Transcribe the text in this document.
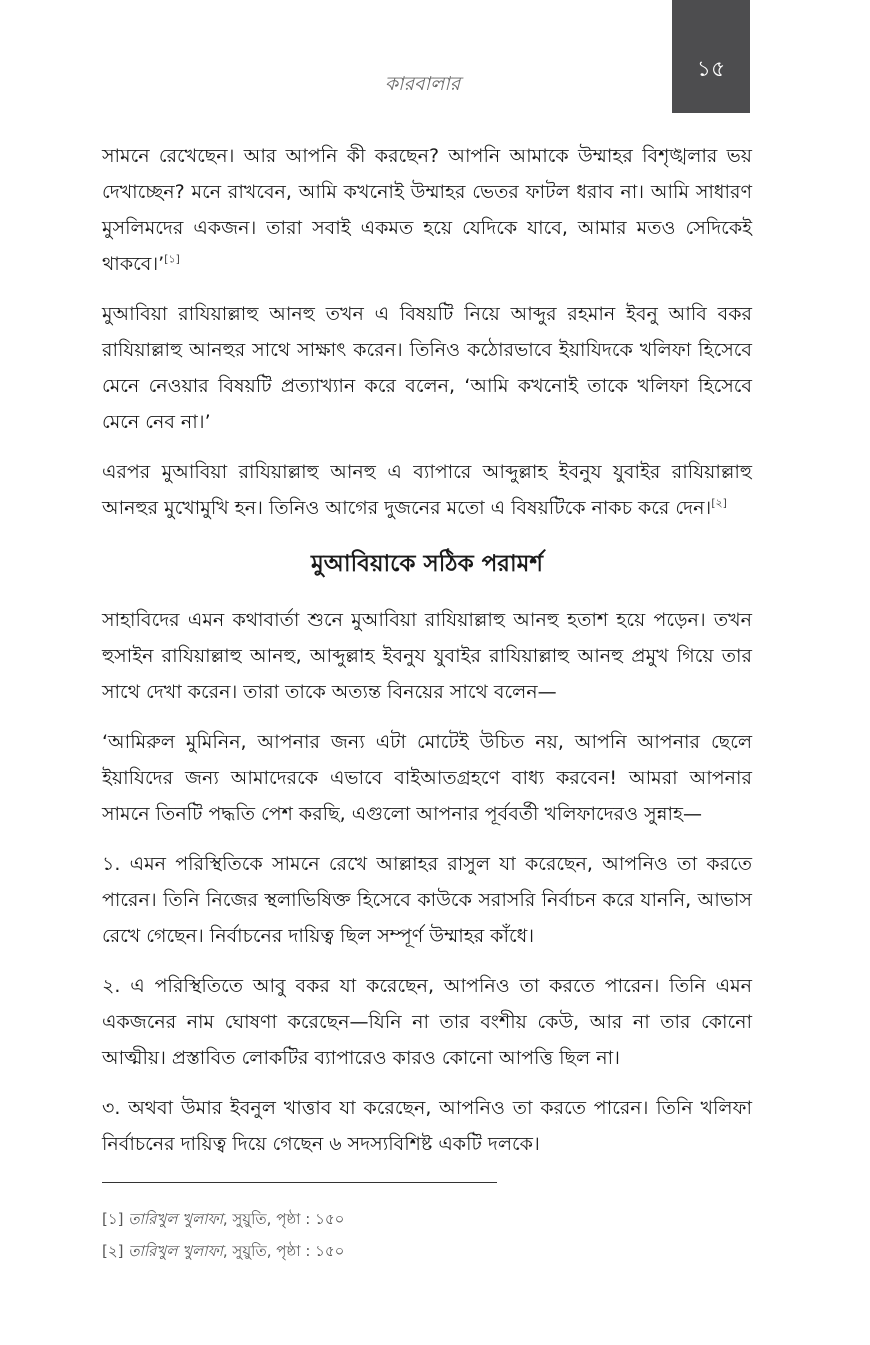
কারবালার
১৫

সামনে রেখেছেন। আর আপনি কী করছেন? আপনি আমাকে উম্মাহর বিশৃঙ্খলার ভয় দেখাচ্ছেন? মনে রাখবেন, আমি কখনোই উম্মাহর ভেতর ফাটল ধরাব না। আমি সাধারণ মুসলিমদের একজন। তারা সবাই একমত হয়ে যেদিকে যাবে, আমার মতও সেদিকেই থাকবে।’[১]

মুআবিয়া রাযিয়াল্লাহু আনহু তখন এ বিষয়টি নিয়ে আব্দুর রহমান ইবনু আবি বকর রাযিয়াল্লাহু আনহুর সাথে সাক্ষাৎ করেন। তিনিও কঠোরভাবে ইয়াযিদকে খলিফা হিসেবে মেনে নেওয়ার বিষয়টি প্রত্যাখ্যান করে বলেন, ‘আমি কখনোই তাকে খলিফা হিসেবে মেনে নেব না।’

এরপর মুআবিয়া রাযিয়াল্লাহু আনহু এ ব্যাপারে আব্দুল্লাহ ইবনুয যুবাইর রাযিয়াল্লাহু আনহুর মুখোমুখি হন। তিনিও আগের দুজনের মতো এ বিষয়টিকে নাকচ করে দেন।[২]

মুআবিয়াকে সঠিক পরামর্শ

সাহাবিদের এমন কথাবার্তা শুনে মুআবিয়া রাযিয়াল্লাহু আনহু হতাশ হয়ে পড়েন। তখন হুসাইন রাযিয়াল্লাহু আনহু, আব্দুল্লাহ ইবনুয যুবাইর রাযিয়াল্লাহু আনহু প্রমুখ গিয়ে তার সাথে দেখা করেন। তারা তাকে অত্যন্ত বিনয়ের সাথে বলেন—

‘আমিরুল মুমিনিন, আপনার জন্য এটা মোটেই উচিত নয়, আপনি আপনার ছেলে ইয়াযিদের জন্য আমাদেরকে এভাবে বাইআতগ্রহণে বাধ্য করবেন! আমরা আপনার সামনে তিনটি পদ্ধতি পেশ করছি, এগুলো আপনার পূর্ববর্তী খলিফাদেরও সুন্নাহ—

১. এমন পরিস্থিতিকে সামনে রেখে আল্লাহর রাসুল যা করেছেন, আপনিও তা করতে পারেন। তিনি নিজের স্থলাভিষিক্ত হিসেবে কাউকে সরাসরি নির্বাচন করে যাননি, আভাস রেখে গেছেন। নির্বাচনের দায়িত্ব ছিল সম্পূর্ণ উম্মাহর কাঁধে।

২. এ পরিস্থিতিতে আবু বকর যা করেছেন, আপনিও তা করতে পারেন। তিনি এমন একজনের নাম ঘোষণা করেছেন—যিনি না তার বংশীয় কেউ, আর না তার কোনো আত্মীয়। প্রস্তাবিত লোকটির ব্যাপারেও কারও কোনো আপত্তি ছিল না।

৩. অথবা উমার ইবনুল খাত্তাব যা করেছেন, আপনিও তা করতে পারেন। তিনি খলিফা নির্বাচনের দায়িত্ব দিয়ে গেছেন ৬ সদস্যবিশিষ্ট একটি দলকে।

[১] তারিখুল খুলাফা, সুয়ুতি, পৃষ্ঠা : ১৫০

[২] তারিখুল খুলাফা, সুয়ুতি, পৃষ্ঠা : ১৫০
